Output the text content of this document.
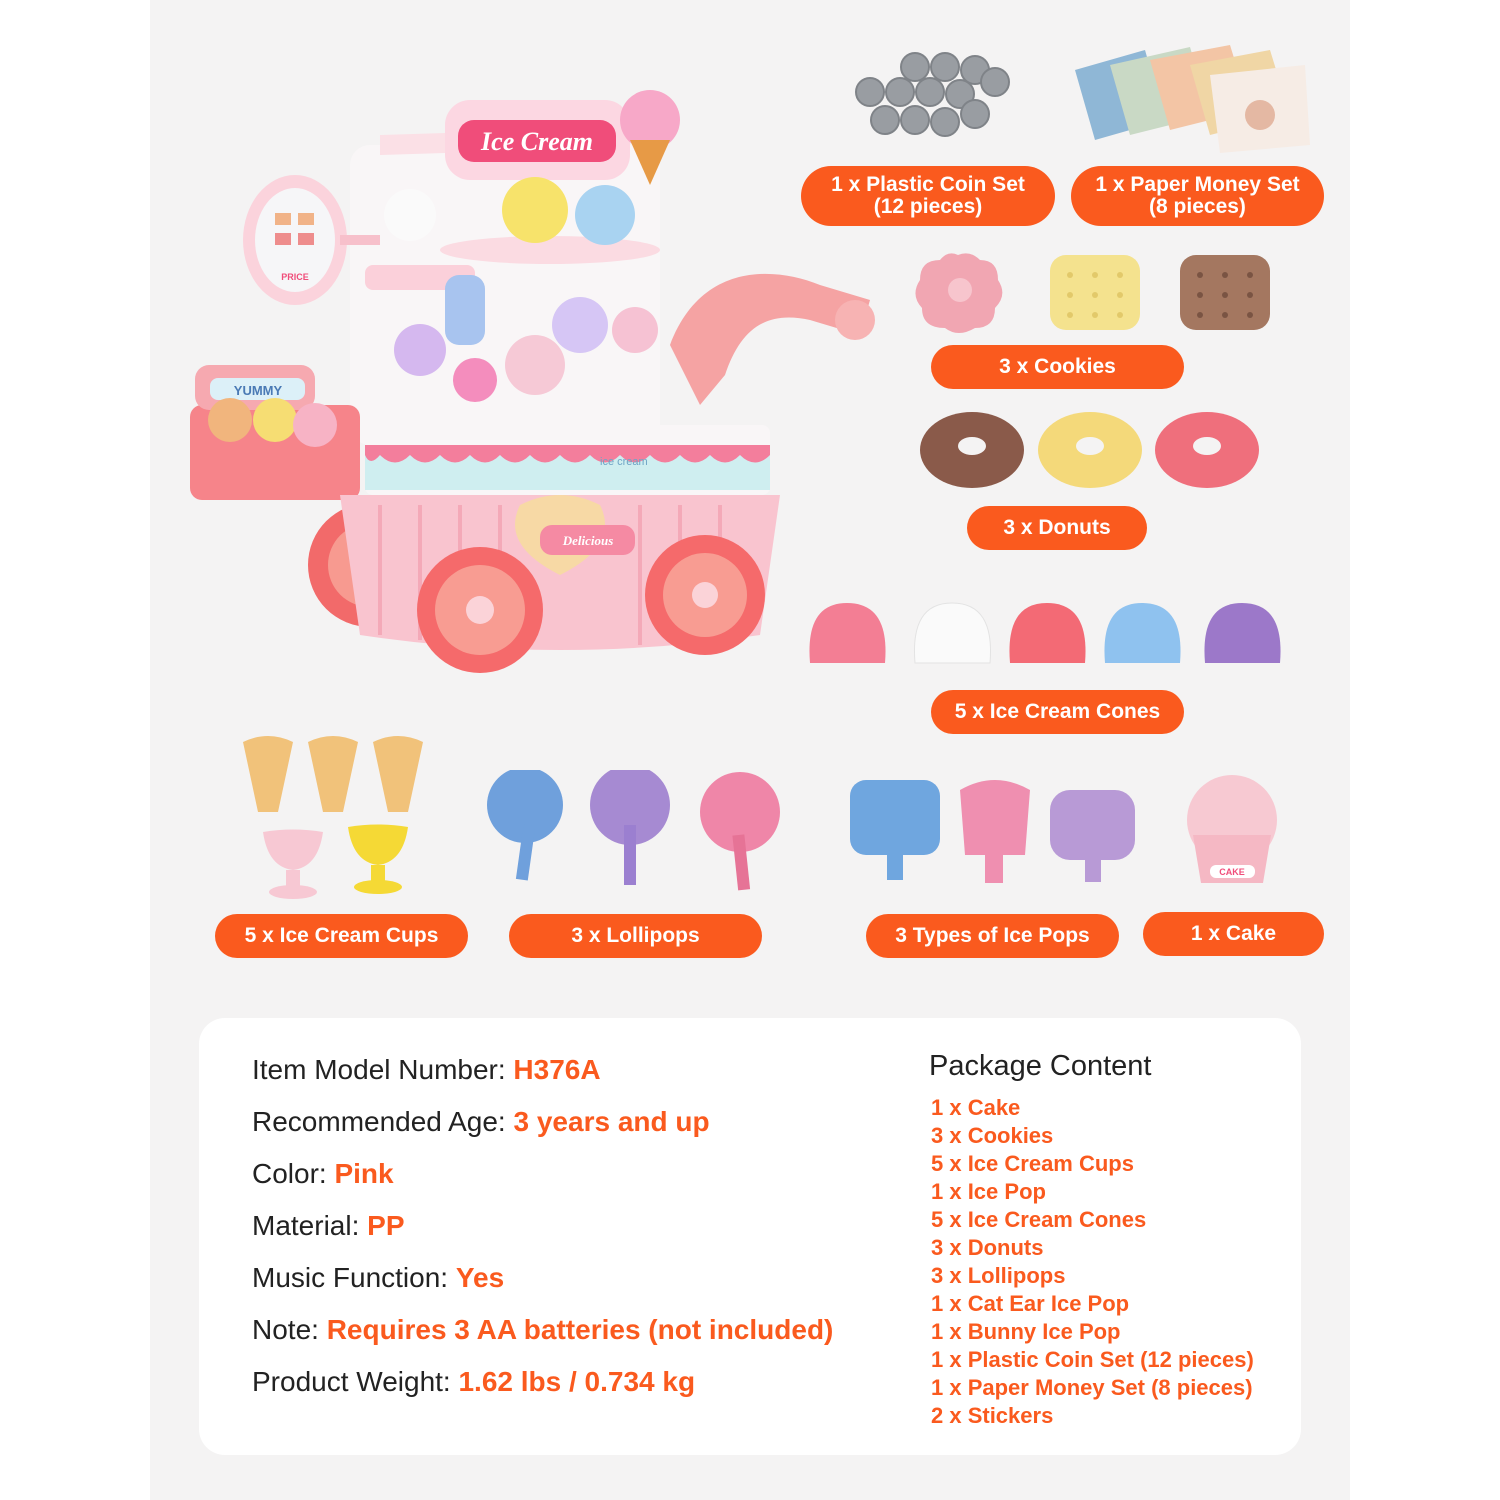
Ice Cream
PRICE
YUMMY
ice cream
Delicious
1 x Plastic Coin Set
(12 pieces)
1 x Paper Money Set
(8 pieces)
3 x Cookies
3 x Donuts
5 x Ice Cream Cones
5 x Ice Cream Cups	3 x Lollipops	3 Types of Ice Pops
CAKE
1 x Cake
Item Model Number: H376A
Recommended Age: 3 years and up
Color: Pink
Material: PP
Music Function: Yes
Note: Requires 3 AA batteries (not included)
Product Weight: 1.62 lbs / 0.734 kg
Package Content
1 x Cake
3 x Cookies
5 x Ice Cream Cups
1 x Ice Pop
5 x Ice Cream Cones
3 x Donuts
3 x Lollipops
1 x Cat Ear Ice Pop
1 x Bunny Ice Pop
1 x Plastic Coin Set (12 pieces)
1 x Paper Money Set (8 pieces)
2 x Stickers
